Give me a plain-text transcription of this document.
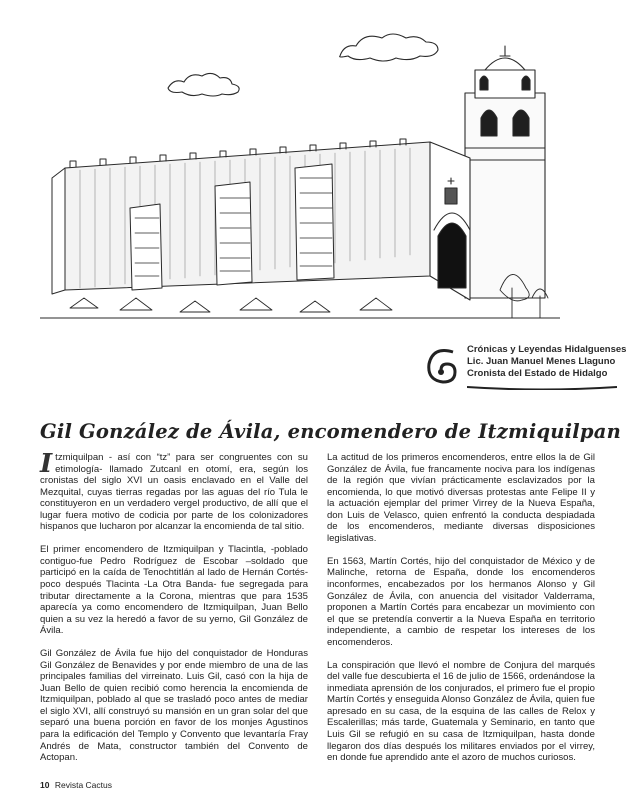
Crónicas y Leyendas Hidalguenses
Lic. Juan Manuel Menes Llaguno
Cronista del Estado de Hidalgo
Gil González de Ávila, encomendero de Itzmiquilpan

Itzmiquilpan - así con “tz” para ser congruentes con su etimología- llamado Zutcanl en otomí, era, según los cronistas del siglo XVI un oasis enclavado en el Valle del Mezquital, cuyas tierras regadas por las aguas del río Tula le constituyeron en un verdadero vergel productivo, de allí que el lugar fuera motivo de codicia por parte de los colonizadores hispanos que lucharon por alcanzar la encomienda de tal sitio.

El primer encomendero de Itzmiquilpan y Tlacintla, -poblado contiguo-fue Pedro Rodríguez de Escobar –soldado que participó en la caída de Tenochtitlán al lado de Hernán Cortés- poco después Tlacinta -La Otra Banda- fue segregada para tributar directamente a la Corona, mientras que para 1535 aparecía ya como encomendero de Itzmiquilpan, Juan Bello quien a su vez la heredó a favor de su yerno, Gil González de Ávila.

Gil González de Ávila fue hijo del conquistador de Honduras Gil González de Benavides y por ende miembro de una de las principales familias del virreinato. Luis Gil, casó con la hija de Juan Bello de quien recibió como herencia la encomienda de Itzmiquilpan, poblado al que se trasladó poco antes de mediar el siglo XVI, allí construyó su mansión en un gran solar del que separó una buena porción en favor de los monjes Agustinos para la edificación del Templo y Convento que levantaría Fray Andrés de Mata, constructor también del Convento de Actopan.

La actitud de los primeros encomenderos, entre ellos la de Gil González de Ávila, fue francamente nociva para los indígenas de la región que vivían prácticamente esclavizados por la encomienda, lo que motivó diversas protestas ante Felipe II y la actuación ejemplar del primer Virrey de la Nueva España, don Luis de Velasco, quien enfrentó la conducta despiadada de los encomenderos, mediante diversas disposiciones legislativas.

En 1563, Martín Cortés, hijo del conquistador de México y de Malinche, retorna de España, donde los encomenderos inconformes, encabezados por los hermanos Alonso y Gil González de Ávila, con anuencia del visitador Valderrama, proponen a Martín Cortés para encabezar un movimiento con el que se pretendía convertir a la Nueva España en territorio independiente, a cambio de respetar los intereses de los encomenderos.

La conspiración que llevó el nombre de Conjura del marqués del valle fue descubierta el 16 de julio de 1566, ordenándose la inmediata aprensión de los conjurados, el primero fue el propio Martín Cortés y enseguida Alonso González de Ávila, quien fue apresado en su casa, de la esquina de las calles de Relox y Escalerillas; más tarde, Guatemala y Seminario, en tanto que Luis Gil se refugió en su casa de Itzmiquilpan, hasta donde llegaron dos días después los militares enviados por el virrey, en donde fue aprendido ante el azoro de muchos curiosos.

10 Revista Cactus
